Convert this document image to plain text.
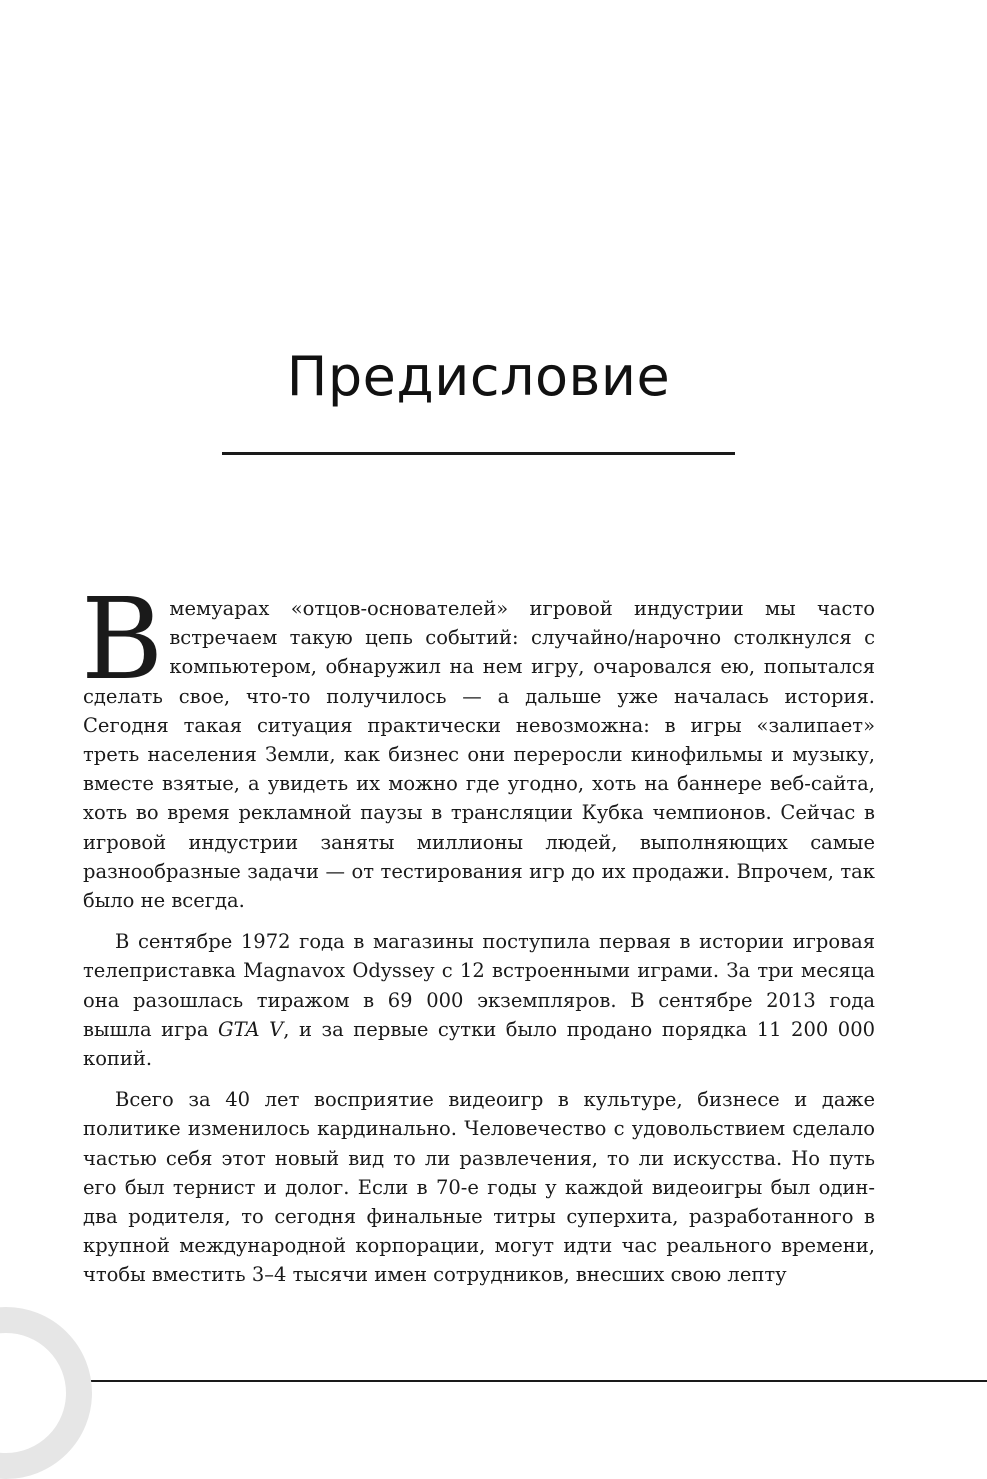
Предисловие

Вмемуарах «отцов-основателей» игровой индустрии мы часто встречаем такую цепь событий: случайно/нарочно столкнулся с компьютером, обнаружил на нем игру, очаровался ею, попытался сделать свое, что-то получилось — а дальше уже началась история. Сегодня такая ситуация практически невозможна: в игры «залипает» треть населения Земли, как бизнес они переросли кинофильмы и музыку, вместе взятые, а увидеть их можно где угодно, хоть на баннере веб-сайта, хоть во время рекламной паузы в трансляции Кубка чемпионов. Сейчас в игровой индустрии заняты миллионы людей, выполняющих самые разнообразные задачи — от тестирования игр до их продажи. Впрочем, так было не всегда.

В сентябре 1972 года в магазины поступила первая в истории игровая телеприставка Magnavox Odyssey с 12 встроенными играми. За три месяца она разошлась тиражом в 69 000 экземпляров. В сентябре 2013 года вышла игра GTA V, и за первые сутки было продано порядка 11 200 000 копий.

Всего за 40 лет восприятие видеоигр в культуре, бизнесе и даже политике изменилось кардинально. Человечество с удовольствием сделало частью себя этот новый вид то ли развлечения, то ли искусства. Но путь его был тернист и долог. Если в 70-е годы у каждой видеоигры был один-два родителя, то сегодня финальные титры суперхита, разработанного в крупной международной корпорации, могут идти час реального времени, чтобы вместить 3–4 тысячи имен сотрудников, внесших свою лепту
